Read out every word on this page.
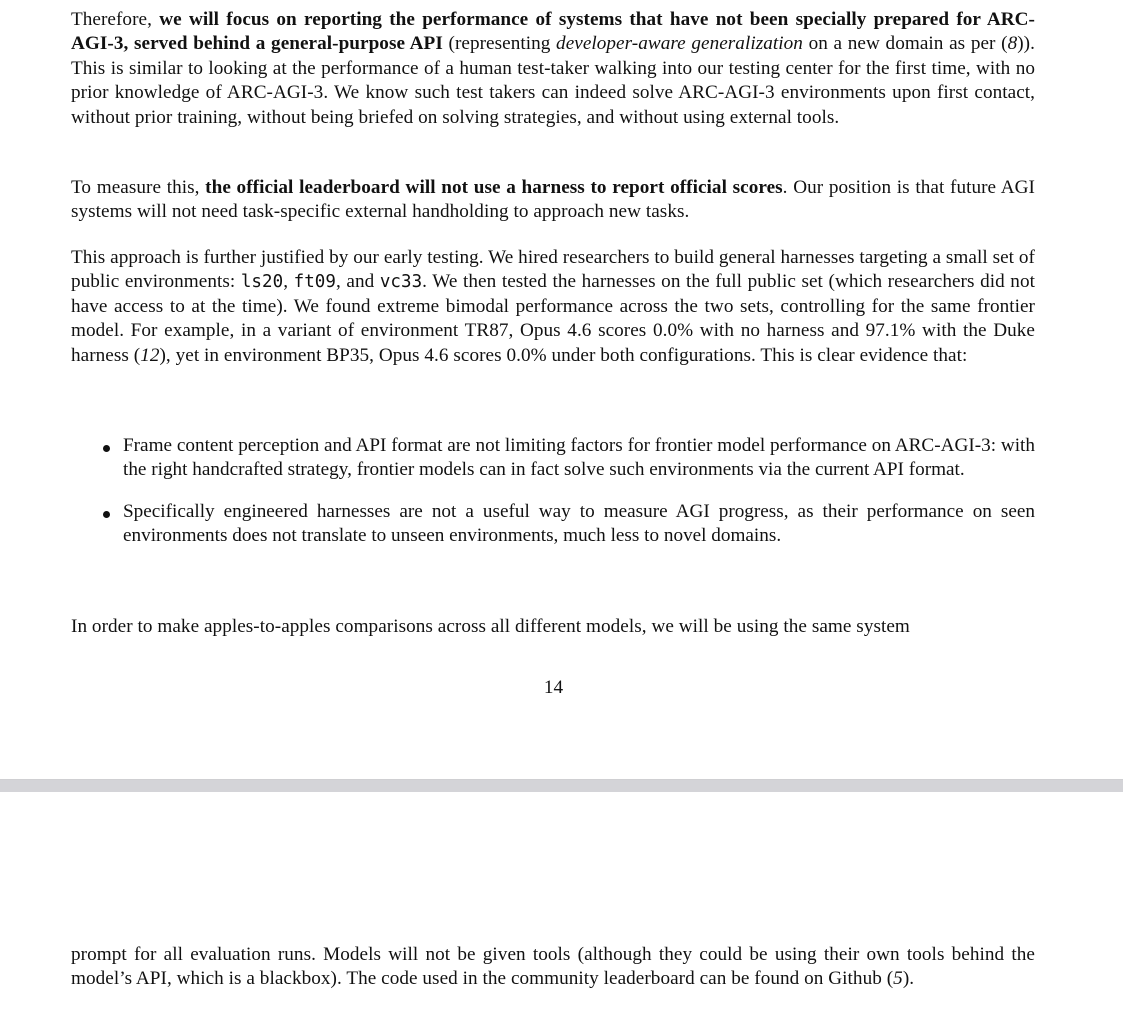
Therefore, we will focus on reporting the performance of systems that have not been specially prepared for ARC-AGI-3, served behind a general-purpose API (representing developer-aware generalization on a new domain as per (8)). This is similar to looking at the performance of a human test-taker walking into our testing center for the first time, with no prior knowledge of ARC-AGI-3. We know such test takers can indeed solve ARC-AGI-3 environments upon first contact, without prior training, without being briefed on solving strategies, and without using external tools.

To measure this, the official leaderboard will not use a harness to report official scores. Our position is that future AGI systems will not need task-specific external handholding to approach new tasks.

This approach is further justified by our early testing. We hired researchers to build general harnesses targeting a small set of public environments: ls20, ft09, and vc33. We then tested the harnesses on the full public set (which researchers did not have access to at the time). We found extreme bimodal performance across the two sets, controlling for the same frontier model. For example, in a variant of environment TR87, Opus 4.6 scores 0.0% with no harness and 97.1% with the Duke harness (12), yet in environment BP35, Opus 4.6 scores 0.0% under both configurations. This is clear evidence that:

Frame content perception and API format are not limiting factors for frontier model performance on ARC-AGI-3: with the right handcrafted strategy, frontier models can in fact solve such environments via the current API format.
Specifically engineered harnesses are not a useful way to measure AGI progress, as their performance on seen environments does not translate to unseen environments, much less to novel domains.

In order to make apples-to-apples comparisons across all different models, we will be using the same system

14

prompt for all evaluation runs. Models will not be given tools (although they could be using their own tools behind the model’s API, which is a blackbox). The code used in the community leaderboard can be found on Github (5).
